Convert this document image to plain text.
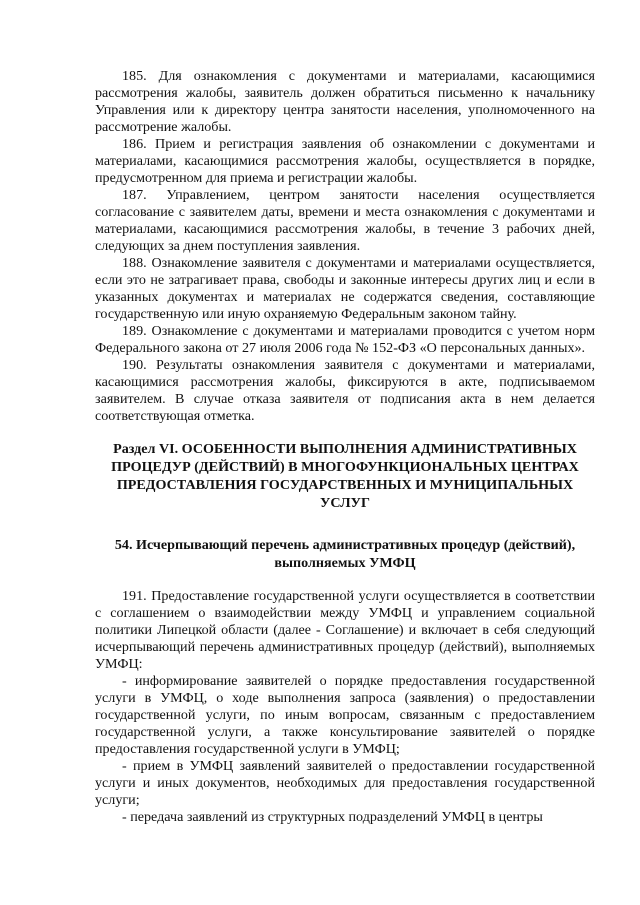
185. Для ознакомления с документами и материалами, касающимися рассмотрения жалобы, заявитель должен обратиться письменно к начальнику Управления или к директору центра занятости населения, уполномоченного на рассмотрение жалобы.

186. Прием и регистрация заявления об ознакомлении с документами и материалами, касающимися рассмотрения жалобы, осуществляется в порядке, предусмотренном для приема и регистрации жалобы.

187. Управлением, центром занятости населения осуществляется согласование с заявителем даты, времени и места ознакомления с документами и материалами, касающимися рассмотрения жалобы, в течение 3 рабочих дней, следующих за днем поступления заявления.

188. Ознакомление заявителя с документами и материалами осуществляется, если это не затрагивает права, свободы и законные интересы других лиц и если в указанных документах и материалах не содержатся сведения, составляющие государственную или иную охраняемую Федеральным законом тайну.

189. Ознакомление с документами и материалами проводится с учетом норм Федерального закона от 27 июля 2006 года № 152-ФЗ «О персональных данных».

190. Результаты ознакомления заявителя с документами и материалами, касающимися рассмотрения жалобы, фиксируются в акте, подписываемом заявителем. В случае отказа заявителя от подписания акта в нем делается соответствующая отметка.

Раздел VI. ОСОБЕННОСТИ ВЫПОЛНЕНИЯ АДМИНИСТРАТИВНЫХ ПРОЦЕДУР (ДЕЙСТВИЙ) В МНОГОФУНКЦИОНАЛЬНЫХ ЦЕНТРАХ ПРЕДОСТАВЛЕНИЯ ГОСУДАРСТВЕННЫХ И МУНИЦИПАЛЬНЫХ УСЛУГ

54. Исчерпывающий перечень административных процедур (действий), выполняемых УМФЦ

191. Предоставление государственной услуги осуществляется в соответствии с соглашением о взаимодействии между УМФЦ и управлением социальной политики Липецкой области (далее - Соглашение) и включает в себя следующий исчерпывающий перечень административных процедур (действий), выполняемых УМФЦ:

- информирование заявителей о порядке предоставления государственной услуги в УМФЦ, о ходе выполнения запроса (заявления) о предоставлении государственной услуги, по иным вопросам, связанным с предоставлением государственной услуги, а также консультирование заявителей о порядке предоставления государственной услуги в УМФЦ;

- прием в УМФЦ заявлений заявителей о предоставлении государственной услуги и иных документов, необходимых для предоставления государственной услуги;

- передача заявлений из структурных подразделений УМФЦ в центры
